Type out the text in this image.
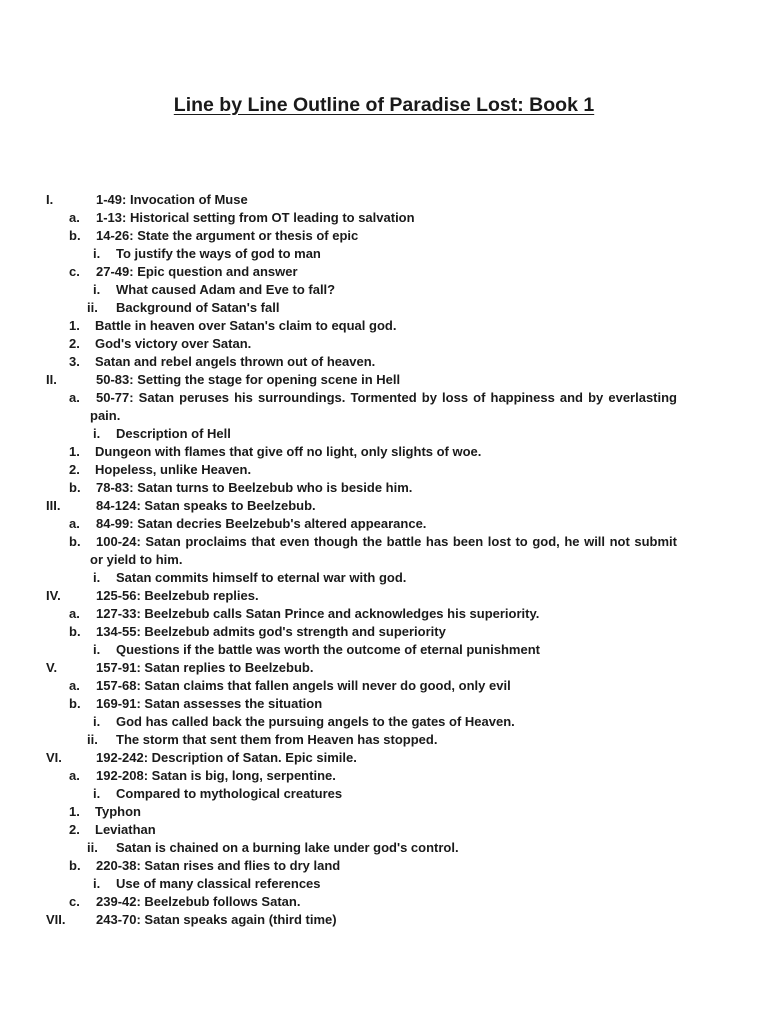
Line by Line Outline of Paradise Lost: Book 1
I.	1-49: Invocation of Muse
a. 1-13: Historical setting from OT leading to salvation
b. 14-26: State the argument or thesis of epic
i. To justify the ways of god to man
c. 27-49: Epic question and answer
i. What caused Adam and Eve to fall?
ii. Background of Satan's fall
1. Battle in heaven over Satan's claim to equal god.
2. God's victory over Satan.
3. Satan and rebel angels thrown out of heaven.
II.	50-83: Setting the stage for opening scene in Hell
a.	50-77: Satan peruses his surroundings. Tormented by loss of happiness and by everlasting pain.
i. Description of Hell
1. Dungeon with flames that give off no light, only slights of woe.
2. Hopeless, unlike Heaven.
b. 78-83: Satan turns to Beelzebub who is beside him.
III.	84-124: Satan speaks to Beelzebub.
a. 84-99: Satan decries Beelzebub's altered appearance.
b.	100-24: Satan proclaims that even though the battle has been lost to god, he will not submit or yield to him.
i. Satan commits himself to eternal war with god.
IV.	125-56: Beelzebub replies.
a. 127-33: Beelzebub calls Satan Prince and acknowledges his superiority.
b. 134-55: Beelzebub admits god's strength and superiority
i. Questions if the battle was worth the outcome of eternal punishment
V.	157-91: Satan replies to Beelzebub.
a. 157-68: Satan claims that fallen angels will never do good, only evil
b. 169-91: Satan assesses the situation
i. God has called back the pursuing angels to the gates of Heaven.
ii. The storm that sent them from Heaven has stopped.
VI.	192-242: Description of Satan. Epic simile.
a. 192-208: Satan is big, long, serpentine.
i. Compared to mythological creatures
1. Typhon
2. Leviathan
ii. Satan is chained on a burning lake under god's control.
b. 220-38: Satan rises and flies to dry land
i. Use of many classical references
c. 239-42: Beelzebub follows Satan.
VII. 243-70: Satan speaks again (third time)
